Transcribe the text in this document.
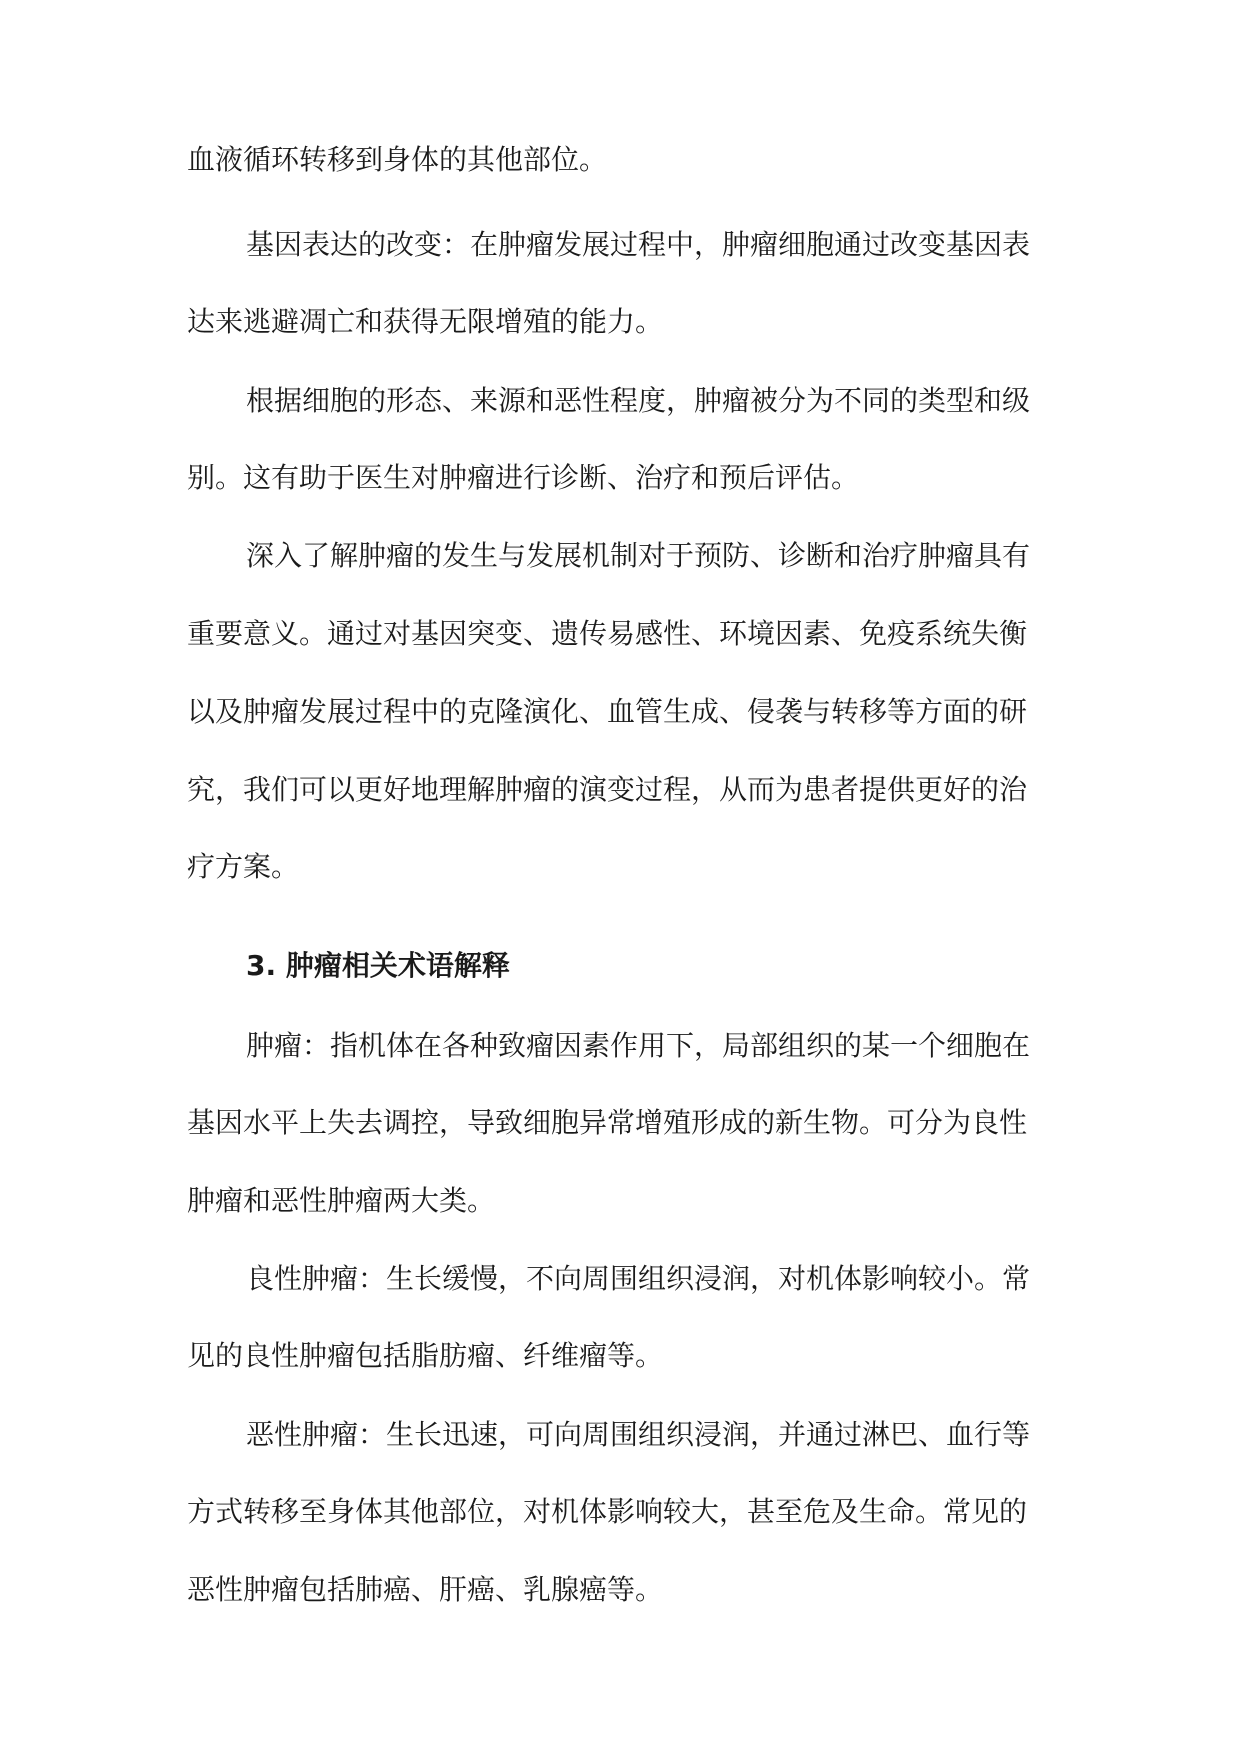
血液循环转移到身体的其他部位。
基因表达的改变：在肿瘤发展过程中，肿瘤细胞通过改变基因表
达来逃避凋亡和获得无限增殖的能力。
根据细胞的形态、来源和恶性程度，肿瘤被分为不同的类型和级
别。这有助于医生对肿瘤进行诊断、治疗和预后评估。
深入了解肿瘤的发生与发展机制对于预防、诊断和治疗肿瘤具有
重要意义。通过对基因突变、遗传易感性、环境因素、免疫系统失衡
以及肿瘤发展过程中的克隆演化、血管生成、侵袭与转移等方面的研
究，我们可以更好地理解肿瘤的演变过程，从而为患者提供更好的治
疗方案。
3. 肿瘤相关术语解释
肿瘤：指机体在各种致瘤因素作用下，局部组织的某一个细胞在
基因水平上失去调控，导致细胞异常增殖形成的新生物。可分为良性
肿瘤和恶性肿瘤两大类。
良性肿瘤：生长缓慢，不向周围组织浸润，对机体影响较小。常
见的良性肿瘤包括脂肪瘤、纤维瘤等。
恶性肿瘤：生长迅速，可向周围组织浸润，并通过淋巴、血行等
方式转移至身体其他部位，对机体影响较大，甚至危及生命。常见的
恶性肿瘤包括肺癌、肝癌、乳腺癌等。
